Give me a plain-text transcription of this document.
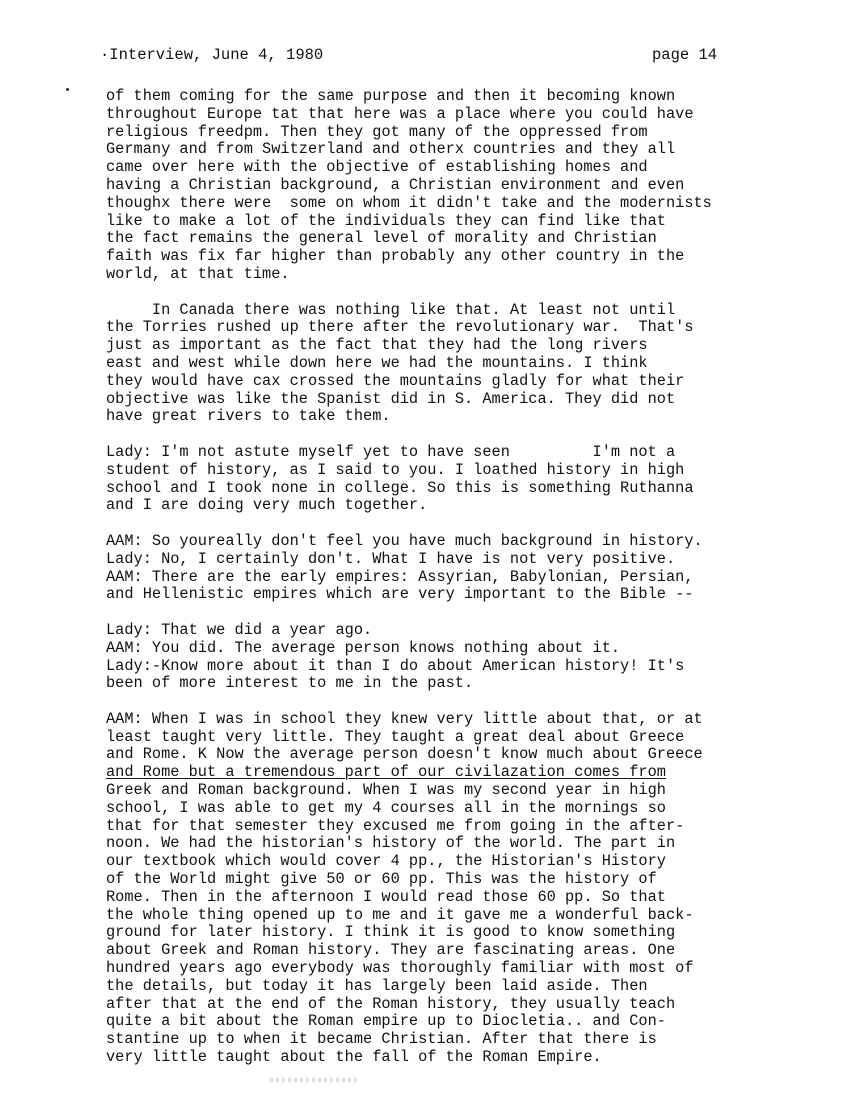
·Interview, June 4, 1980	page 14
of them coming for the same purpose and then it becoming known
throughout Europe tat that here was a place where you could have
religious freedpm. Then they got many of the oppressed from
Germany and from Switzerland and otherx countries and they all
came over here with the objective of establishing homes and
having a Christian background, a Christian environment and even
thoughx there were  some on whom it didn't take and the modernists
like to make a lot of the individuals they can find like that
the fact remains the general level of morality and Christian
faith was fix far higher than probably any other country in the
world, at that time.
In Canada there was nothing like that. At least not until
the Torries rushed up there after the revolutionary war.  That's
just as important as the fact that they had the long rivers
east and west while down here we had the mountains. I think
they would have cax crossed the mountains gladly for what their
objective was like the Spanist did in S. America. They did not
have great rivers to take them.
Lady: I'm not astute myself yet to have seen         I'm not a
student of history, as I said to you. I loathed history in high
school and I took none in college. So this is something Ruthanna
and I are doing very much together.
AAM: So youreally don't feel you have much background in history.
Lady: No, I certainly don't. What I have is not very positive.
AAM: There are the early empires: Assyrian, Babylonian, Persian,
and Hellenistic empires which are very important to the Bible --
Lady: That we did a year ago.
AAM: You did. The average person knows nothing about it.
Lady:-Know more about it than I do about American history! It's
been of more interest to me in the past.
AAM: When I was in school they knew very little about that, or at
least taught very little. They taught a great deal about Greece
and Rome. K Now the average person doesn't know much about Greece
and Rome but a tremendous part of our civilazation comes from
Greek and Roman background. When I was my second year in high
school, I was able to get my 4 courses all in the mornings so
that for that semester they excused me from going in the after-
noon. We had the historian's history of the world. The part in
our textbook which would cover 4 pp., the Historian's History
of the World might give 50 or 60 pp. This was the history of
Rome. Then in the afternoon I would read those 60 pp. So that
the whole thing opened up to me and it gave me a wonderful back-
ground for later history. I think it is good to know something
about Greek and Roman history. They are fascinating areas. One
hundred years ago everybody was thoroughly familiar with most of
the details, but today it has largely been laid aside. Then
after that at the end of the Roman history, they usually teach
quite a bit about the Roman empire up to Diocletia.. and Con-
stantine up to when it became Christian. After that there is
very little taught about the fall of the Roman Empire.
